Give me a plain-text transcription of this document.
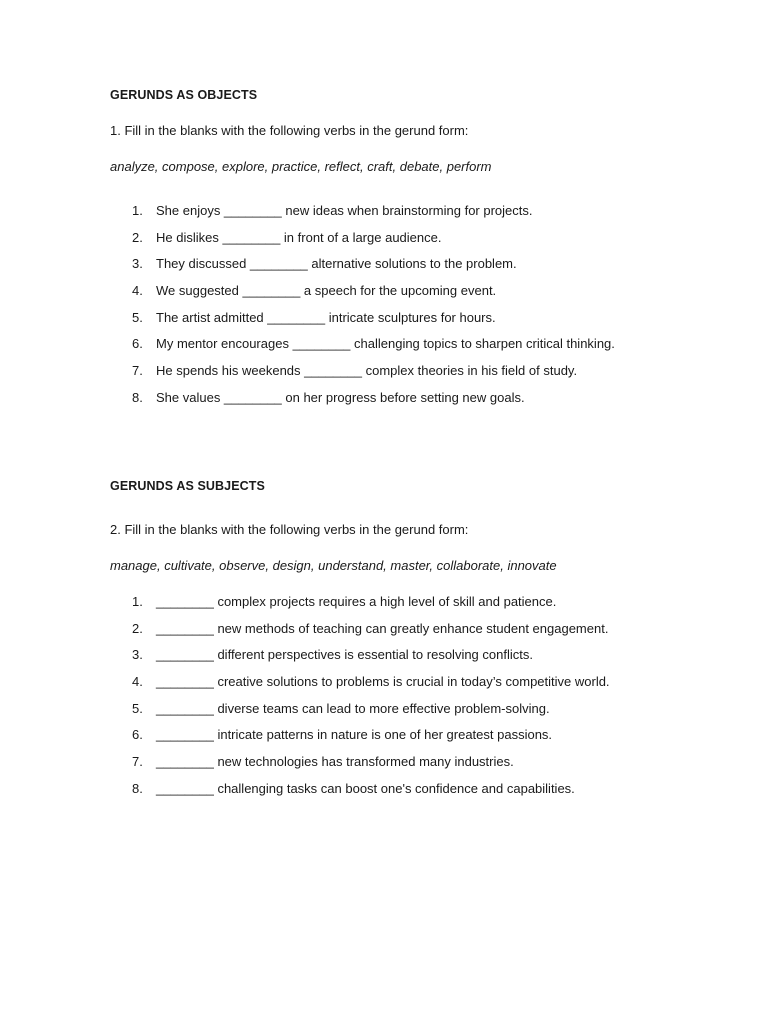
GERUNDS AS OBJECTS
1. Fill in the blanks with the following verbs in the gerund form:
analyze, compose, explore, practice, reflect, craft, debate, perform
1.	She enjoys ________ new ideas when brainstorming for projects.
2.	He dislikes ________ in front of a large audience.
3.	They discussed ________ alternative solutions to the problem.
4.	We suggested ________ a speech for the upcoming event.
5.	The artist admitted ________ intricate sculptures for hours.
6.	My mentor encourages ________ challenging topics to sharpen critical thinking.
7.	He spends his weekends ________ complex theories in his field of study.
8.	She values ________ on her progress before setting new goals.
GERUNDS AS SUBJECTS
2. Fill in the blanks with the following verbs in the gerund form:
manage, cultivate, observe, design, understand, master, collaborate, innovate
1.	________ complex projects requires a high level of skill and patience.
2.	________ new methods of teaching can greatly enhance student engagement.
3.	________ different perspectives is essential to resolving conflicts.
4.	________ creative solutions to problems is crucial in today’s competitive world.
5.	________ diverse teams can lead to more effective problem-solving.
6.	________ intricate patterns in nature is one of her greatest passions.
7.	________ new technologies has transformed many industries.
8.	________ challenging tasks can boost one's confidence and capabilities.
